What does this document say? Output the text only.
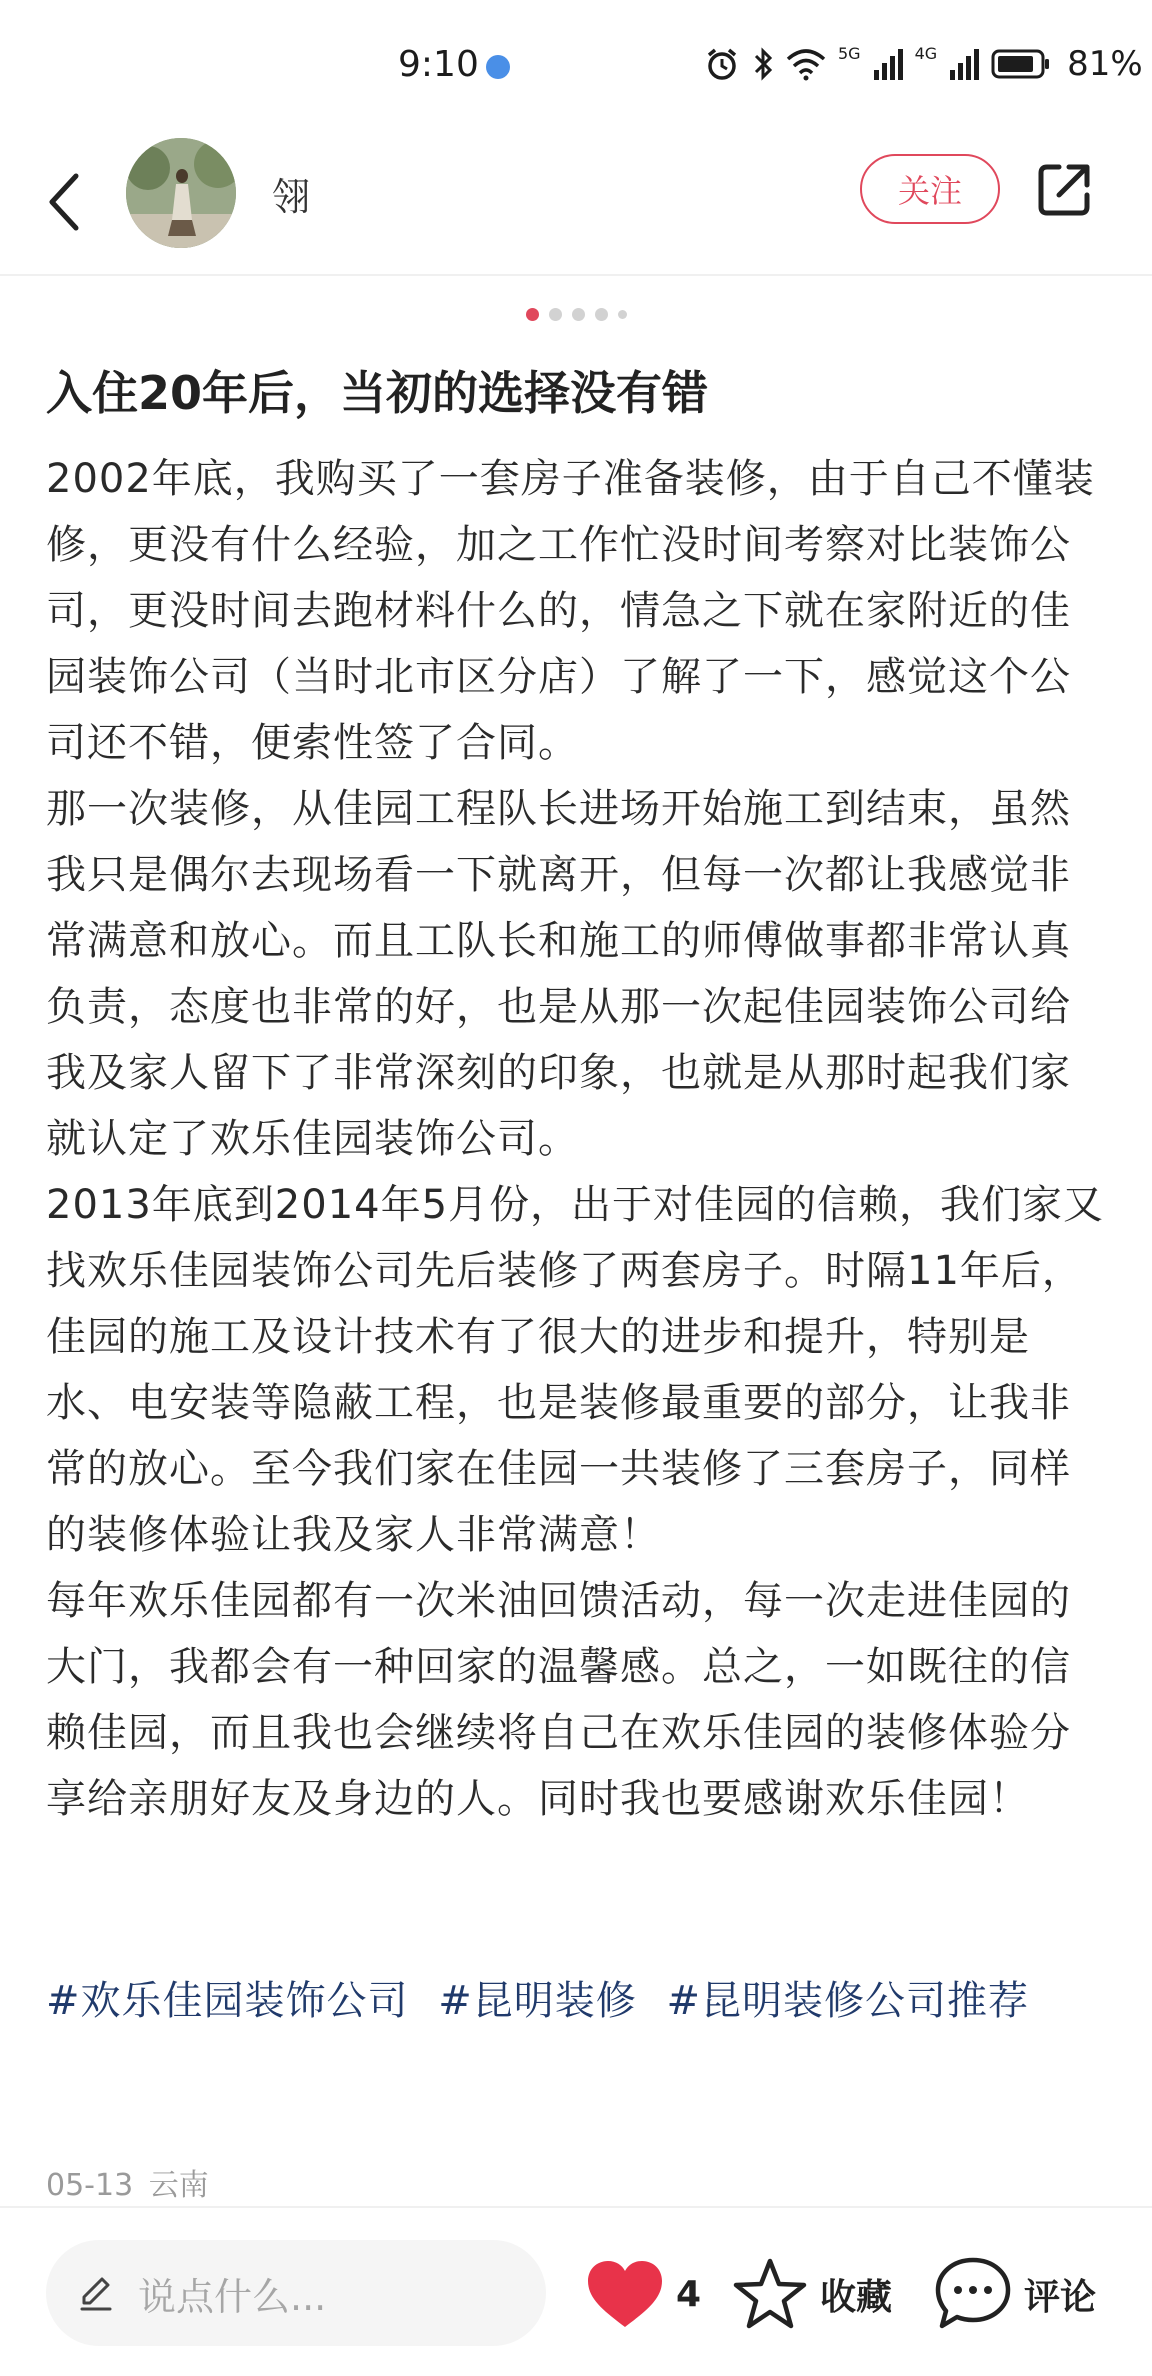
9:10	5G	4G	81%
翎	关注
入住20年后，当初的选择没有错

2002年底，我购买了一套房子准备装修，由于自己不懂装修，更没有什么经验，加之工作忙没时间考察对比装饰公司，更没时间去跑材料什么的，情急之下就在家附近的佳园装饰公司（当时北市区分店）了解了一下，感觉这个公司还不错，便索性签了合同。

那一次装修，从佳园工程队长进场开始施工到结束，虽然我只是偶尔去现场看一下就离开，但每一次都让我感觉非常满意和放心。而且工队长和施工的师傅做事都非常认真负责，态度也非常的好，也是从那一次起佳园装饰公司给我及家人留下了非常深刻的印象，也就是从那时起我们家就认定了欢乐佳园装饰公司。

2013年底到2014年5月份，出于对佳园的信赖，我们家又找欢乐佳园装饰公司先后装修了两套房子。时隔11年后，佳园的施工及设计技术有了很大的进步和提升，特别是水、电安装等隐蔽工程，也是装修最重要的部分，让我非常的放心。至今我们家在佳园一共装修了三套房子，同样的装修体验让我及家人非常满意！

每年欢乐佳园都有一次米油回馈活动，每一次走进佳园的大门，我都会有一种回家的温馨感。总之，一如既往的信赖佳园，而且我也会继续将自己在欢乐佳园的装修体验分享给亲朋好友及身边的人。同时我也要感谢欢乐佳园！

#欢乐佳园装饰公司 #昆明装修 #昆明装修公司推荐
05-13 云南
说点什么...	4	收藏	评论
